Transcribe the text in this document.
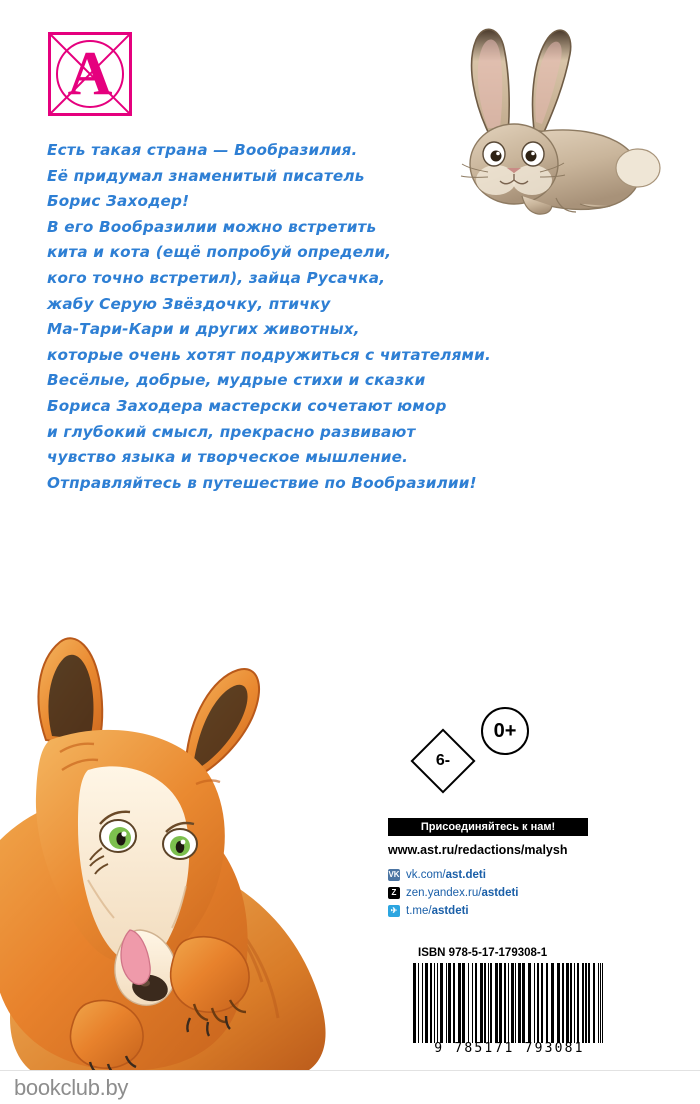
A
Есть такая страна — Вообразилия.
Её придумал знаменитый писатель
Борис Заходер!
В его Вообразилии можно встретить
кита и кота (ещё попробуй определи,
кого точно встретил), зайца Русачка,
жабу Серую Звёздочку, птичку
Ма-Тари-Кари и других животных,
которые очень хотят подружиться с читателями.
Весёлые, добрые, мудрые стихи и сказки
Бориса Заходера мастерски сочетают юмор
и глубокий смысл, прекрасно развивают
чувство языка и творческое мышление.
Отправляйтесь в путешествие по Вообразилии!
0+
6-
Присоединяйтесь к нам!
www.ast.ru/redactions/malysh
VK vk.com/ast.deti
Z zen.yandex.ru/astdeti
✈ t.me/astdeti
ISBN 978-5-17-179308-1
9 785171 793081
bookclub.by
